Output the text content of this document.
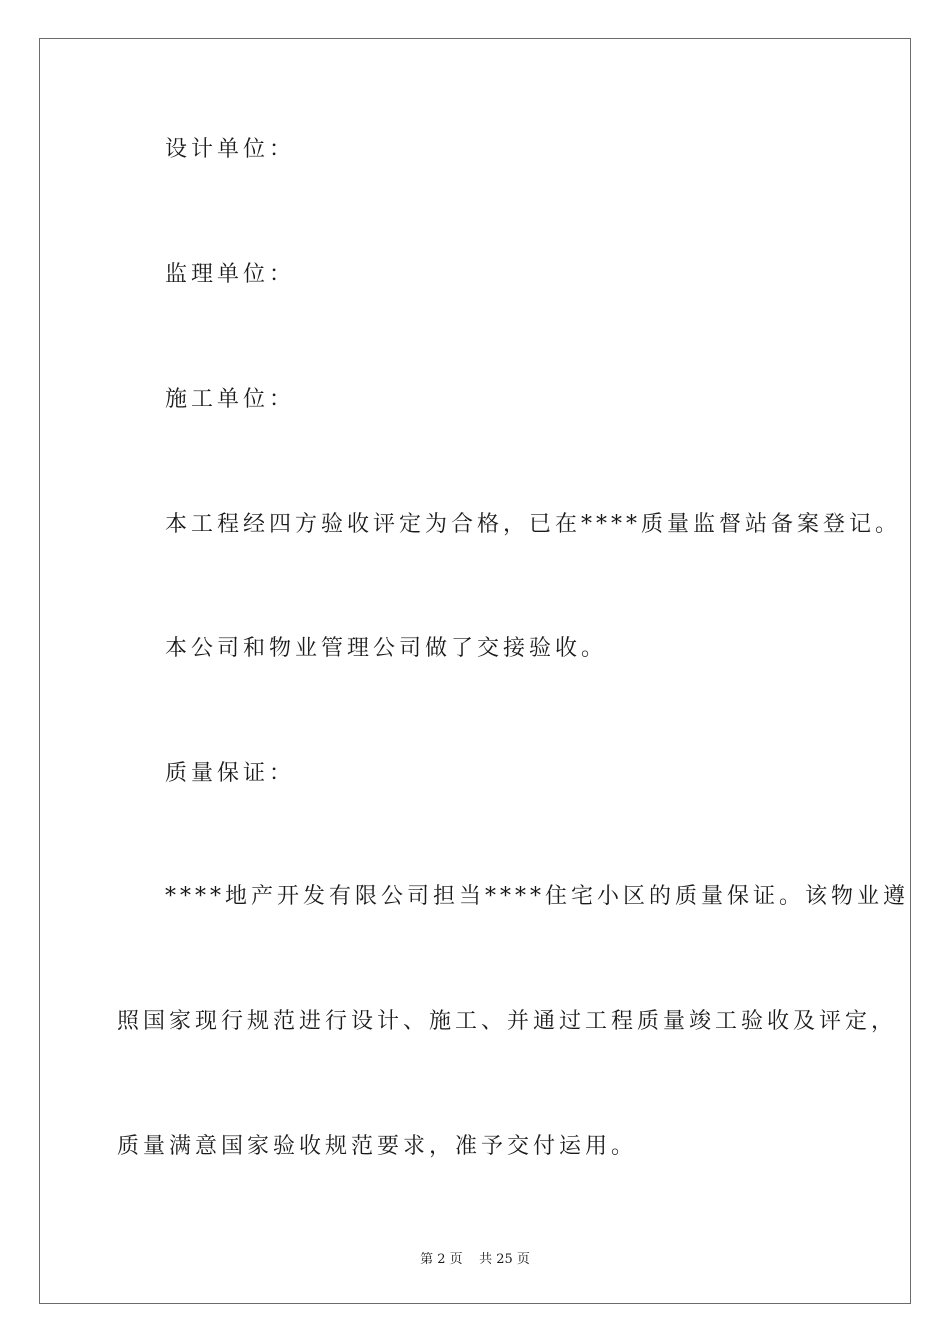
设计单位：
监理单位：
施工单位：
本工程经四方验收评定为合格，已在****质量监督站备案登记。
本公司和物业管理公司做了交接验收。
质量保证：
****地产开发有限公司担当****住宅小区的质量保证。该物业遵
照国家现行规范进行设计、施工、并通过工程质量竣工验收及评定，
质量满意国家验收规范要求，准予交付运用。
第 2 页    共 25 页
